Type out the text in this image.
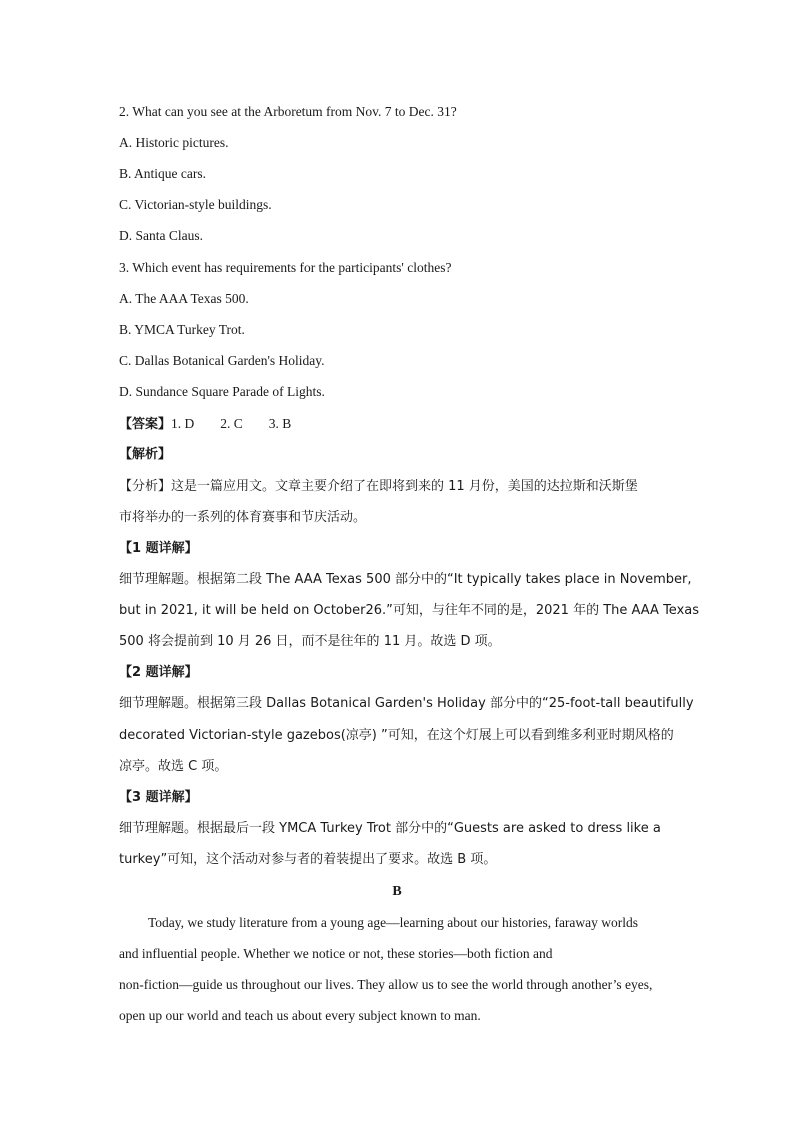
2. What can you see at the Arboretum from Nov. 7 to Dec. 31?
A. Historic pictures.
B. Antique cars.
C. Victorian-style buildings.
D. Santa Claus.
3. Which event has requirements for the participants' clothes?
A. The AAA Texas 500.
B. YMCA Turkey Trot.
C. Dallas Botanical Garden's Holiday.
D. Sundance Square Parade of Lights.
【答案】1. D 2. C 3. B
【解析】
【分析】这是一篇应用文。文章主要介绍了在即将到来的 11 月份，美国的达拉斯和沃斯堡
市将举办的一系列的体育赛事和节庆活动。
【1 题详解】
细节理解题。根据第二段 The AAA Texas 500 部分中的“It typically takes place in November,
but in 2021, it will be held on October26.”可知，与往年不同的是，2021 年的 The AAA Texas
500 将会提前到 10 月 26 日，而不是往年的 11 月。故选 D 项。
【2 题详解】
细节理解题。根据第三段 Dallas Botanical Garden's Holiday 部分中的“25-foot-tall beautifully
decorated Victorian-style gazebos(凉亭) ”可知，在这个灯展上可以看到维多利亚时期风格的
凉亭。故选 C 项。
【3 题详解】
细节理解题。根据最后一段 YMCA Turkey Trot 部分中的“Guests are asked to dress like a
turkey”可知，这个活动对参与者的着装提出了要求。故选 B 项。
B
Today, we study literature from a young age—learning about our histories, faraway worlds
and influential people. Whether we notice or not, these stories—both fiction and
non-fiction—guide us throughout our lives. They allow us to see the world through another’s eyes,
open up our world and teach us about every subject known to man.
